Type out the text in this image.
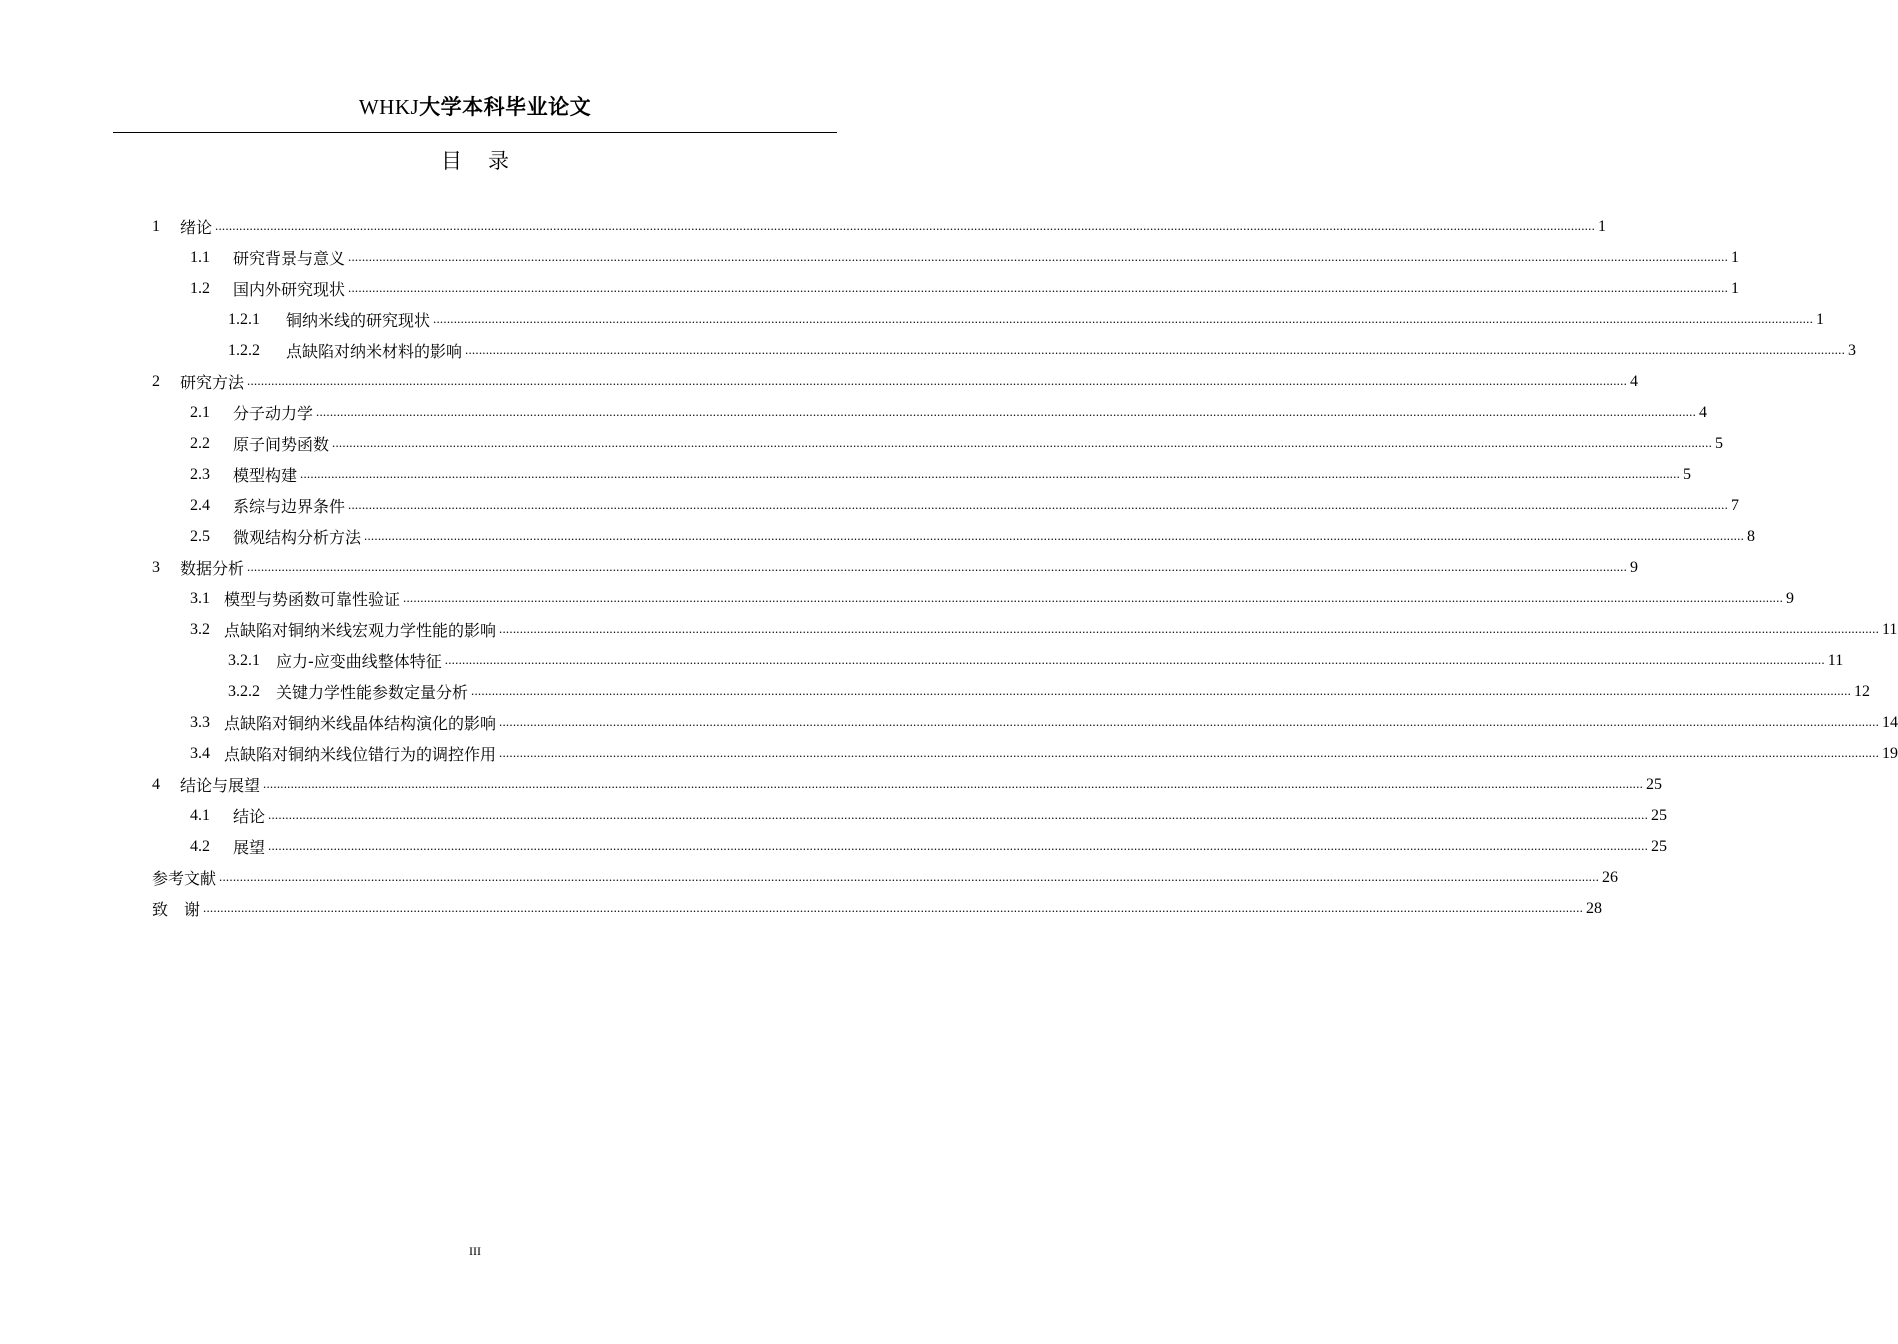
WHKJ大学本科毕业论文
目录
1	绪论 ................................................................................................................................................................................................................................................................................................................................................................................................................ 1
1.1	研究背景与意义 ................................................................................................................................................................................................................................................................................................................................................................................................................ 1
1.2	国内外研究现状 ................................................................................................................................................................................................................................................................................................................................................................................................................ 1
1.2.1	铜纳米线的研究现状 ................................................................................................................................................................................................................................................................................................................................................................................................................ 1
1.2.2	点缺陷对纳米材料的影响 ................................................................................................................................................................................................................................................................................................................................................................................................................ 3
2	研究方法 ................................................................................................................................................................................................................................................................................................................................................................................................................ 4
2.1	分子动力学 ................................................................................................................................................................................................................................................................................................................................................................................................................ 4
2.2	原子间势函数 ................................................................................................................................................................................................................................................................................................................................................................................................................ 5
2.3	模型构建 ................................................................................................................................................................................................................................................................................................................................................................................................................ 5
2.4	系综与边界条件 ................................................................................................................................................................................................................................................................................................................................................................................................................ 7
2.5	微观结构分析方法 ................................................................................................................................................................................................................................................................................................................................................................................................................ 8
3	数据分析 ................................................................................................................................................................................................................................................................................................................................................................................................................ 9
3.1 模型与势函数可靠性验证 ................................................................................................................................................................................................................................................................................................................................................................................................................ 9
3.2 点缺陷对铜纳米线宏观力学性能的影响 ................................................................................................................................................................................................................................................................................................................................................................................................................ 11
3.2.1	应力-应变曲线整体特征 ................................................................................................................................................................................................................................................................................................................................................................................................................ 11
3.2.2	关键力学性能参数定量分析 ................................................................................................................................................................................................................................................................................................................................................................................................................ 12
3.3 点缺陷对铜纳米线晶体结构演化的影响 ................................................................................................................................................................................................................................................................................................................................................................................................................ 14
3.4 点缺陷对铜纳米线位错行为的调控作用 ................................................................................................................................................................................................................................................................................................................................................................................................................ 19
4	结论与展望 ................................................................................................................................................................................................................................................................................................................................................................................................................ 25
4.1	结论 ................................................................................................................................................................................................................................................................................................................................................................................................................ 25
4.2	展望 ................................................................................................................................................................................................................................................................................................................................................................................................................ 25
参考文献 ................................................................................................................................................................................................................................................................................................................................................................................................................ 26
致　谢 ................................................................................................................................................................................................................................................................................................................................................................................................................ 28
III
